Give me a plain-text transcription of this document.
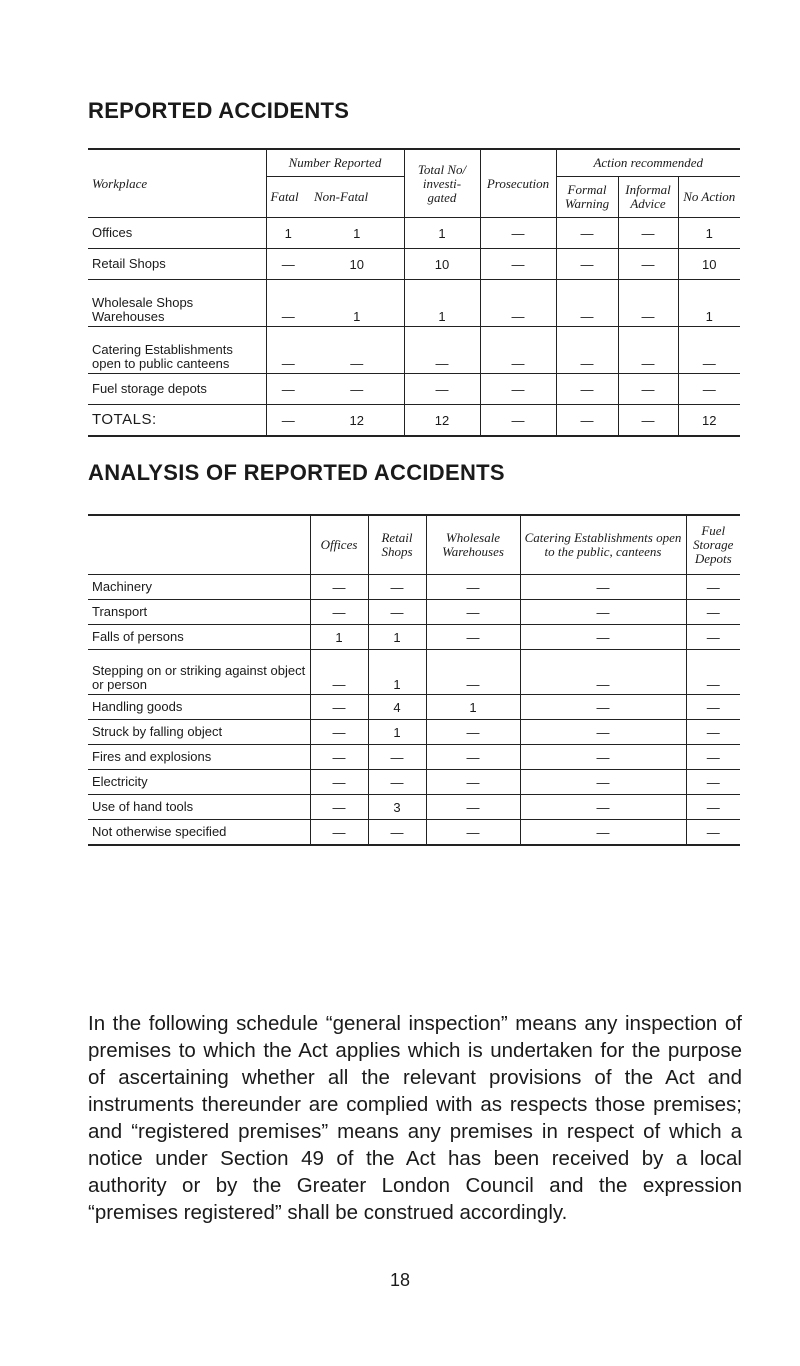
REPORTED ACCIDENTS
Workplace	Number Reported		Total No/ investi- gated	Prosecution	Action recommended		
	Fatal	Non-Fatal			Formal Warning	Informal Advice	No Action
Offices	1	1	1	—	—	—	1
Retail Shops	—	10	10	—	—	—	10
Wholesale Shops Warehouses	—	1	1	—	—	—	1
Catering Establishments open to public canteens	—	—	—	—	—	—	—
Fuel storage depots	—	—	—	—	—	—	—
TOTALS:	—	12	12	—	—	—	12
ANALYSIS OF REPORTED ACCIDENTS
	Offices	Retail Shops	Wholesale Warehouses	Catering Establishments open to the public, canteens	Fuel Storage Depots
Machinery	—	—	—	—	—
Transport	—	—	—	—	—
Falls of persons	1	1	—	—	—
Stepping on or striking against object or person	—	1	—	—	—
Handling goods	—	4	1	—	—
Struck by falling object	—	1	—	—	—
Fires and explosions	—	—	—	—	—
Electricity	—	—	—	—	—
Use of hand tools	—	3	—	—	—
Not otherwise specified	—	—	—	—	—

In the following schedule “general inspection” means any inspection of premises to which the Act applies which is undertaken for the purpose of ascertaining whether all the relevant provisions of the Act and instruments thereunder are complied with as respects those premises; and “registered premises” means any premises in respect of which a notice under Section 49 of the Act has been received by a local authority or by the Greater London Council and the expression “premises registered” shall be construed accordingly.

18
